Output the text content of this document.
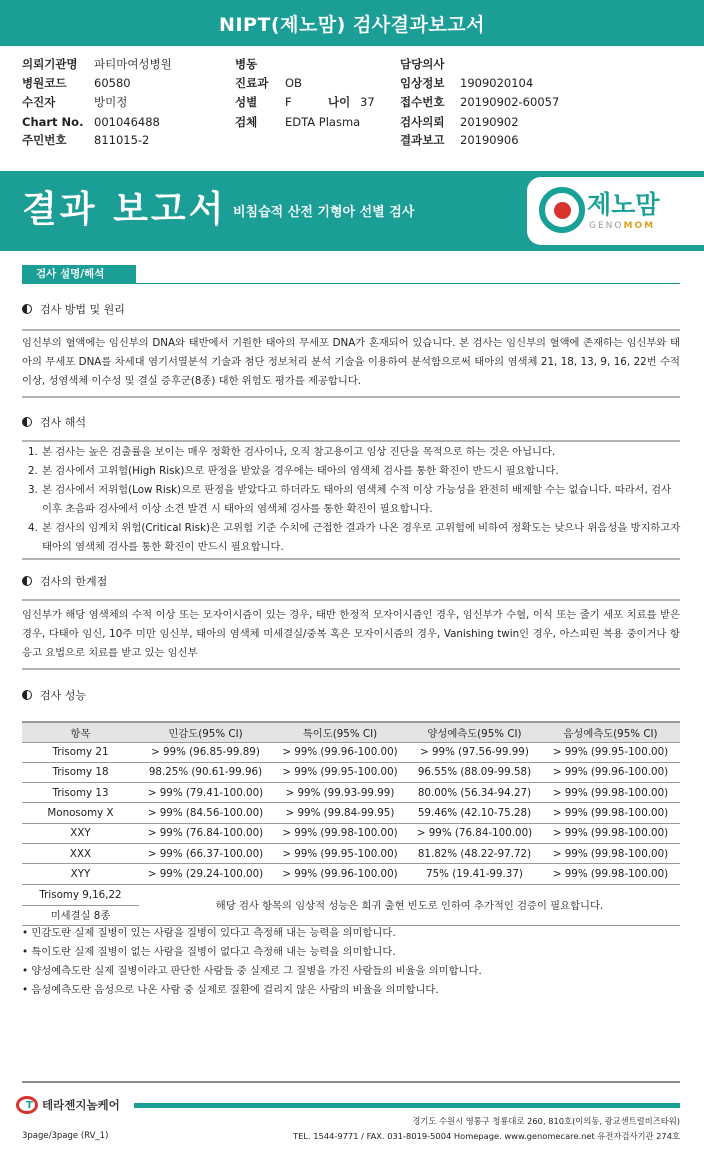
NIPT(제노맘) 검사결과보고서
의뢰기관명 파티마여성병원
병원코드 60580
수진자	방미정
Chart No. 001046488
주민번호 811015-2
병동
진료과 OB
성별 F	나이 37
검체 EDTA Plasma
담당의사
임상정보 1909020104
접수번호 20190902-60057
검사의뢰 20190902
결과보고 20190906
결과 보고서 비침습적 산전 기형아 선별 검사	제노맘
GENOMOM
검사 설명/해석
검사 방법 및 원리
임신부의 혈액에는 임신부의 DNA와 태반에서 기원한 태아의 무세포 DNA가 혼재되어 있습니다. 본 검사는 임신부의 혈액에 존재하는 임신부와 태아의 무세포 DNA를 차세대 염기서열분석 기술과 첨단 정보처리 분석 기술을 이용하여 분석함으로써 태아의 염색체 21, 18, 13, 9, 16, 22번 수적 이상, 성염색체 이수성 및 결실 증후군(8종) 대한 위험도 평가를 제공합니다.
검사 해석
1. 본 검사는 높은 검출률을 보이는 매우 정확한 검사이나, 오직 참고용이고 임상 진단을 목적으로 하는 것은 아닙니다.
2. 본 검사에서 고위험(High Risk)으로 판정을 받았을 경우에는 태아의 염색체 검사를 통한 확진이 반드시 필요합니다.
3. 본 검사에서 저위험(Low Risk)으로 판정을 받았다고 하더라도 태아의 염색체 수적 이상 가능성을 완전히 배제할 수는 없습니다. 따라서, 검사 이후 초음파 검사에서 이상 소견 발견 시 태아의 염색체 검사를 통한 확진이 필요합니다.
4. 본 검사의 임계치 위험(Critical Risk)은 고위험 기준 수치에 근접한 결과가 나온 경우로 고위험에 비하여 정확도는 낮으나 위음성을 방지하고자 태아의 염색체 검사를 통한 확진이 반드시 필요합니다.
검사의 한계점
임신부가 해당 염색체의 수적 이상 또는 모자이시즘이 있는 경우, 태반 한정적 모자이시즘인 경우, 임신부가 수혈, 이식 또는 줄기 세포 치료를 받은 경우, 다태아 임신, 10주 미만 임신부, 태아의 염색체 미세결실/중복 혹은 모자이시즘의 경우, Vanishing twin인 경우, 아스피린 복용 중이거나 항 응고 요법으로 치료를 받고 있는 임신부
검사 성능
항목	민감도(95% CI)	특이도(95% CI)	양성예측도(95% CI)	음성예측도(95% CI)
Trisomy 21	> 99% (96.85-99.89)	> 99% (99.96-100.00)	> 99% (97.56-99.99)	> 99% (99.95-100.00)
Trisomy 18	98.25% (90.61-99.96)	> 99% (99.95-100.00)	96.55% (88.09-99.58)	> 99% (99.96-100.00)
Trisomy 13	> 99% (79.41-100.00)	> 99% (99.93-99.99)	80.00% (56.34-94.27)	> 99% (99.98-100.00)
Monosomy X	> 99% (84.56-100.00)	> 99% (99.84-99.95)	59.46% (42.10-75.28)	> 99% (99.98-100.00)
XXY	> 99% (76.84-100.00)	> 99% (99.98-100.00)	> 99% (76.84-100.00)	> 99% (99.98-100.00)
XXX	> 99% (66.37-100.00)	> 99% (99.95-100.00)	81.82% (48.22-97.72)	> 99% (99.98-100.00)
XYY	> 99% (29.24-100.00)	> 99% (99.96-100.00)	75% (19.41-99.37)	> 99% (99.98-100.00)

Trisomy 9,16,22
미세결실 8종	해당 검사 항목의 임상적 성능은 희귀 출현 빈도로 인하여 추가적인 검증이 필요합니다.			
• 민감도란 실제 질병이 있는 사람을 질병이 있다고 측정해 내는 능력을 의미합니다.
• 특이도란 실제 질병이 없는 사람을 질병이 없다고 측정해 내는 능력을 의미합니다.
• 양성예측도란 실제 질병이라고 판단한 사람들 중 실제로 그 질병을 가진 사람들의 비율을 의미합니다.
• 음성예측도란 음성으로 나온 사람 중 실제로 질환에 걸리지 않은 사람의 비율을 의미합니다.
T 테라젠지놈케어
경기도 수원시 영통구 청룡대로 260, 810호(이의동, 광교센트럴비즈타워)
TEL. 1544-9771 / FAX. 031-8019-5004 Homepage. www.genomecare.net 유전자검사기관 274호
3page/3page (RV_1)
